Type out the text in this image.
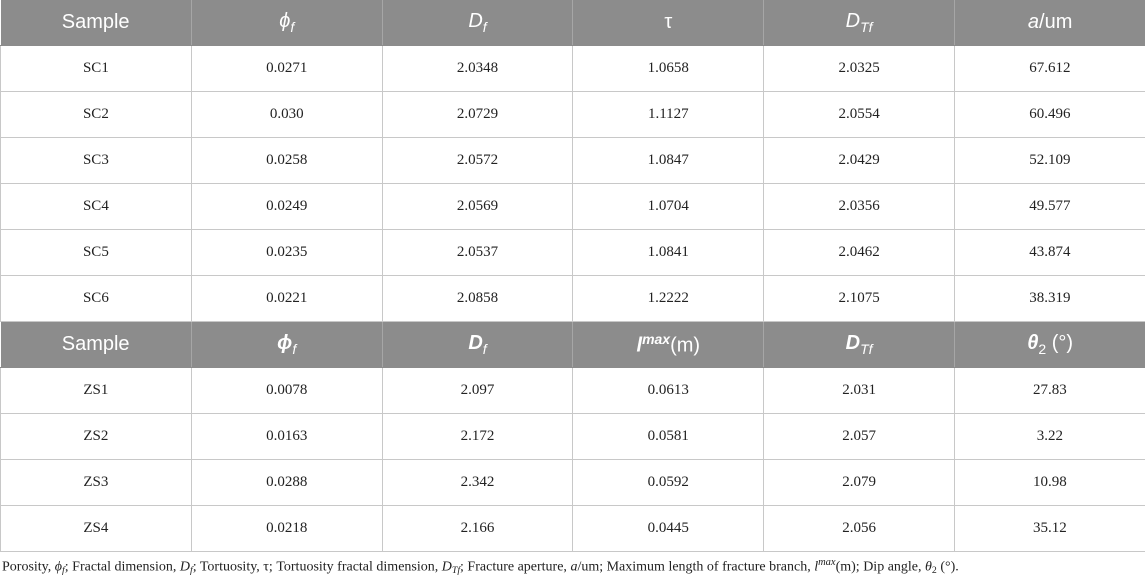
Sample	$\phi_f$	$D_f$	τ	$D_{Tf}$	a/um
SC1	0.0271	2.0348	1.0658	2.0325	67.612
SC2	0.030	2.0729	1.1127	2.0554	60.496
SC3	0.0258	2.0572	1.0847	2.0429	52.109
SC4	0.0249	2.0569	1.0704	2.0356	49.577
SC5	0.0235	2.0537	1.0841	2.0462	43.874
SC6	0.0221	2.0858	1.2222	2.1075	38.319
Sample	$\phi_f$	$D_f$	$l^{max}(m)$	$D_{Tf}$	$\theta_2$ (°)
ZS1	0.0078	2.097	0.0613	2.031	27.83
ZS2	0.0163	2.172	0.0581	2.057	3.22
ZS3	0.0288	2.342	0.0592	2.079	10.98
ZS4	0.0218	2.166	0.0445	2.056	35.12
Porosity, $\phi_f$; Fractal dimension, $D_f$; Tortuosity, τ; Tortuosity fractal dimension, $D_{Tf}$; Fracture aperture, a/um; Maximum length of fracture branch, $l^{max}(m)$; Dip angle, $\theta_2$ (°).
